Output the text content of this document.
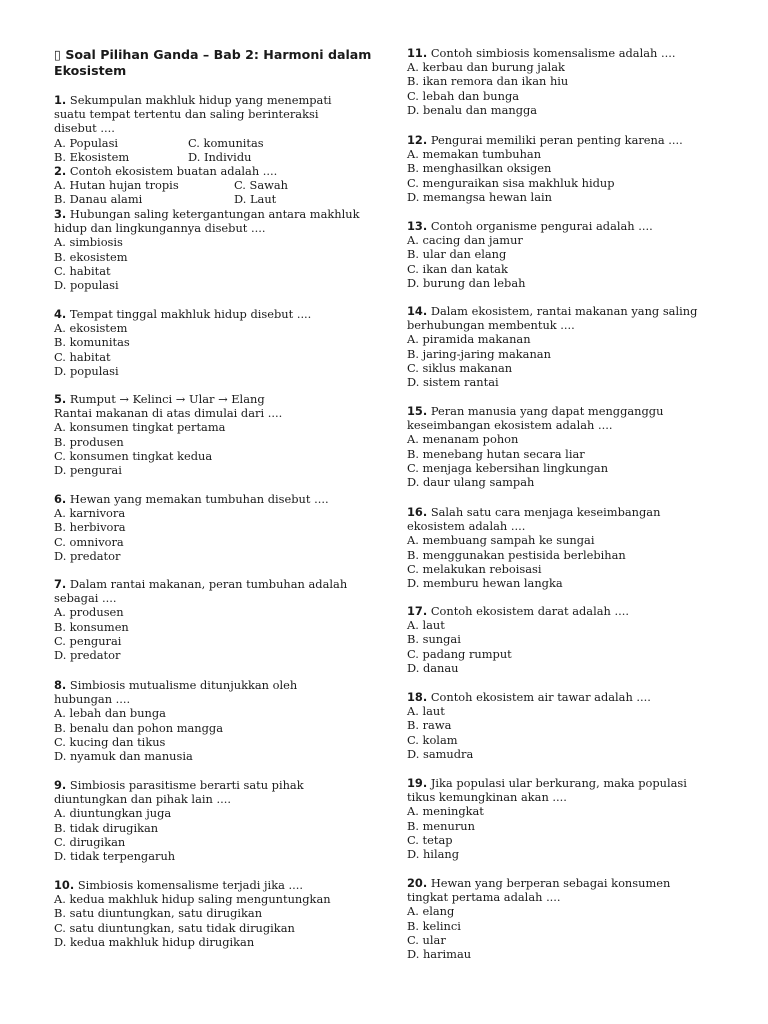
▯ Soal Pilihan Ganda – Bab 2: Harmoni dalam Ekosistem
1. Sekumpulan makhluk hidup yang menempati suatu tempat tertentu dan saling berinteraksi disebut ....
A. Populasi	C. komunitas
B. Ekosistem	D. Individu
2. Contoh ekosistem buatan adalah ....
A. Hutan hujan tropis	C. Sawah
B. Danau alami	D. Laut
3. Hubungan saling ketergantungan antara makhluk hidup dan lingkungannya disebut ....
A. simbiosis
B. ekosistem
C. habitat
D. populasi
4. Tempat tinggal makhluk hidup disebut ....
A. ekosistem
B. komunitas
C. habitat
D. populasi
5. Rumput → Kelinci → Ular → Elang
Rantai makanan di atas dimulai dari ....
A. konsumen tingkat pertama
B. produsen
C. konsumen tingkat kedua
D. pengurai
6. Hewan yang memakan tumbuhan disebut ....
A. karnivora
B. herbivora
C. omnivora
D. predator
7. Dalam rantai makanan, peran tumbuhan adalah sebagai ....
A. produsen
B. konsumen
C. pengurai
D. predator
8. Simbiosis mutualisme ditunjukkan oleh hubungan ....
A. lebah dan bunga
B. benalu dan pohon mangga
C. kucing dan tikus
D. nyamuk dan manusia
9. Simbiosis parasitisme berarti satu pihak diuntungkan dan pihak lain ....
A. diuntungkan juga
B. tidak dirugikan
C. dirugikan
D. tidak terpengaruh
10. Simbiosis komensalisme terjadi jika ....
A. kedua makhluk hidup saling menguntungkan
B. satu diuntungkan, satu dirugikan
C. satu diuntungkan, satu tidak dirugikan
D. kedua makhluk hidup dirugikan
11. Contoh simbiosis komensalisme adalah ....
A. kerbau dan burung jalak
B. ikan remora dan ikan hiu
C. lebah dan bunga
D. benalu dan mangga
12. Pengurai memiliki peran penting karena ....
A. memakan tumbuhan
B. menghasilkan oksigen
C. menguraikan sisa makhluk hidup
D. memangsa hewan lain
13. Contoh organisme pengurai adalah ....
A. cacing dan jamur
B. ular dan elang
C. ikan dan katak
D. burung dan lebah
14. Dalam ekosistem, rantai makanan yang saling berhubungan membentuk ....
A. piramida makanan
B. jaring-jaring makanan
C. siklus makanan
D. sistem rantai
15. Peran manusia yang dapat mengganggu keseimbangan ekosistem adalah ....
A. menanam pohon
B. menebang hutan secara liar
C. menjaga kebersihan lingkungan
D. daur ulang sampah
16. Salah satu cara menjaga keseimbangan ekosistem adalah ....
A. membuang sampah ke sungai
B. menggunakan pestisida berlebihan
C. melakukan reboisasi
D. memburu hewan langka
17. Contoh ekosistem darat adalah ....
A. laut
B. sungai
C. padang rumput
D. danau
18. Contoh ekosistem air tawar adalah ....
A. laut
B. rawa
C. kolam
D. samudra
19. Jika populasi ular berkurang, maka populasi tikus kemungkinan akan ....
A. meningkat
B. menurun
C. tetap
D. hilang
20. Hewan yang berperan sebagai konsumen tingkat pertama adalah ....
A. elang
B. kelinci
C. ular
D. harimau
